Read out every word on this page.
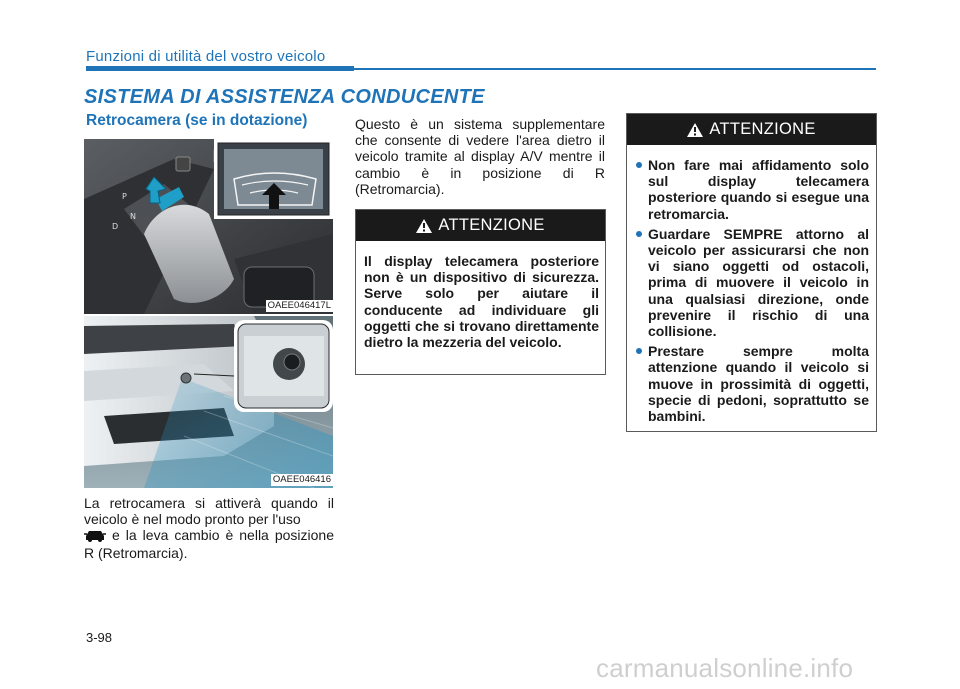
Funzioni di utilità del vostro veicolo
SISTEMA DI ASSISTENZA CONDUCENTE
Retrocamera (se in dotazione)
P
D
N
OAEE046417L
OAEE046416
La retrocamera si attiverà quando il veicolo è nel modo pronto per l'uso
e la leva cambio è nella posizione R (Retromarcia).
Questo è un sistema supplementare che consente di vedere l'area dietro il veicolo tramite al display A/V mentre il cambio è in posizione di R (Retromarcia).
ATTENZIONE
Il display telecamera posteriore non è un dispositivo di sicurezza. Serve solo per aiutare il conducente ad individuare gli oggetti che si trovano direttamente dietro la mezzeria del veicolo.
ATTENZIONE
Non fare mai affidamento solo sul display telecamera posteriore quando si esegue una retromarcia.
Guardare SEMPRE attorno al veicolo per assicurarsi che non vi siano oggetti od ostacoli, prima di muovere il veicolo in una qualsiasi direzione, onde prevenire il rischio di una collisione.
Prestare sempre molta attenzione quando il veicolo si muove in prossimità di oggetti, specie di pedoni, soprattutto se bambini.
3-98
carmanualsonline.info
